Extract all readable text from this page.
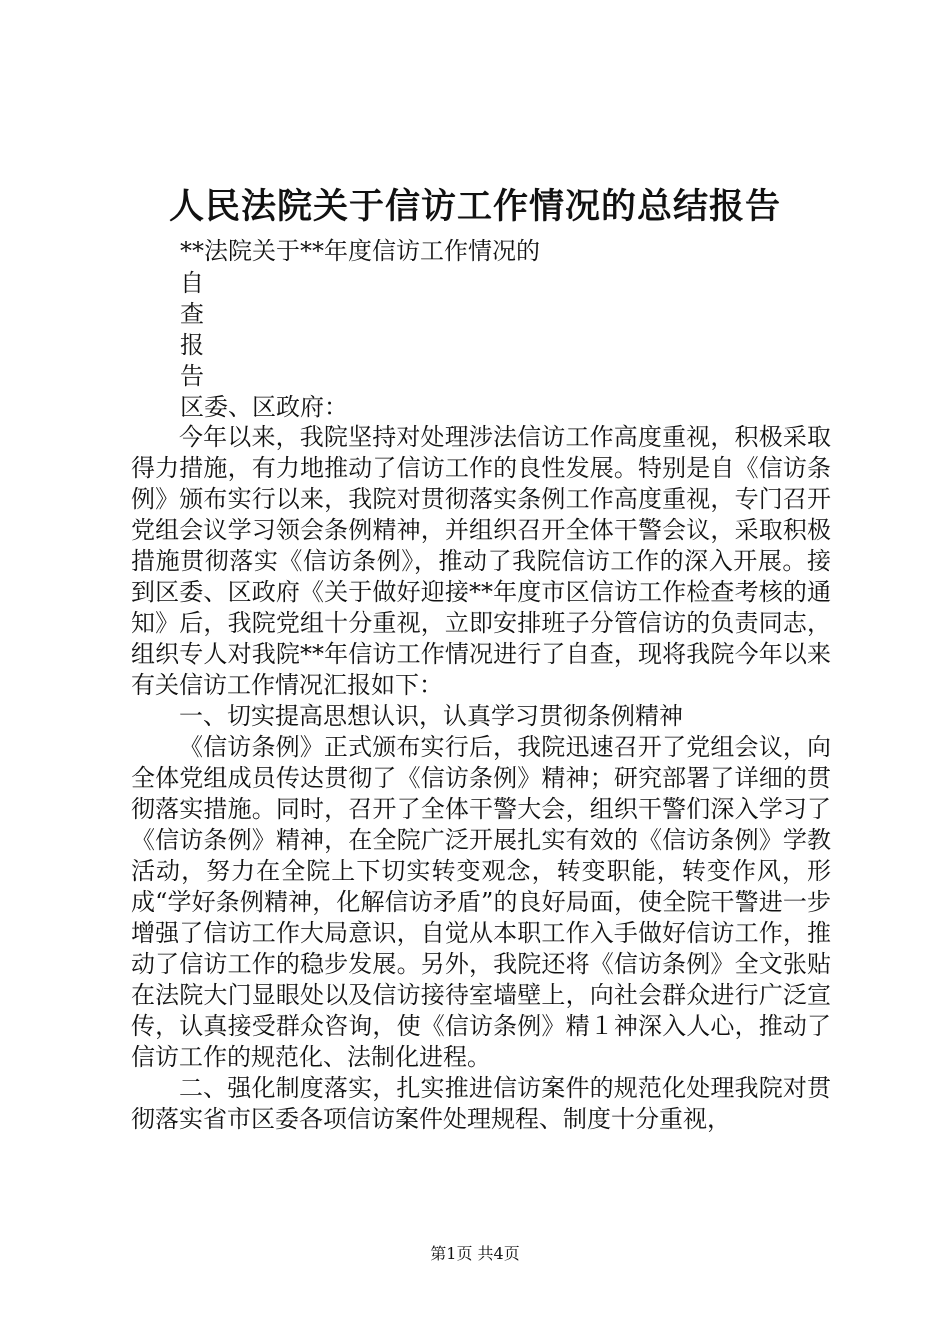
人民法院关于信访工作情况的总结报告
**法院关于**年度信访工作情况的
自
查
报
告
区委、区政府：

今年以来，我院坚持对处理涉法信访工作高度重视，积极采取得力措施，有力地推动了信访工作的良性发展。特别是自《信访条例》颁布实行以来，我院对贯彻落实条例工作高度重视，专门召开党组会议学习领会条例精神，并组织召开全体干警会议，采取积极措施贯彻落实《信访条例》，推动了我院信访工作的深入开展。接到区委、区政府《关于做好迎接**年度市区信访工作检查考核的通知》后，我院党组十分重视，立即安排班子分管信访的负责同志，组织专人对我院**年信访工作情况进行了自查，现将我院今年以来有关信访工作情况汇报如下：

一、切实提高思想认识，认真学习贯彻条例精神

《信访条例》正式颁布实行后，我院迅速召开了党组会议，向全体党组成员传达贯彻了《信访条例》精神；研究部署了详细的贯彻落实措施。同时，召开了全体干警大会，组织干警们深入学习了《信访条例》精神，在全院广泛开展扎实有效的《信访条例》学教活动，努力在全院上下切实转变观念，转变职能，转变作风，形成“学好条例精神，化解信访矛盾”的良好局面，使全院干警进一步增强了信访工作大局意识，自觉从本职工作入手做好信访工作，推动了信访工作的稳步发展。另外，我院还将《信访条例》全文张贴在法院大门显眼处以及信访接待室墙壁上，向社会群众进行广泛宣传，认真接受群众咨询，使《信访条例》精１神深入人心，推动了信访工作的规范化、法制化进程。

二、强化制度落实，扎实推进信访案件的规范化处理我院对贯彻落实省市区委各项信访案件处理规程、制度十分重视，

第1页 共4页
